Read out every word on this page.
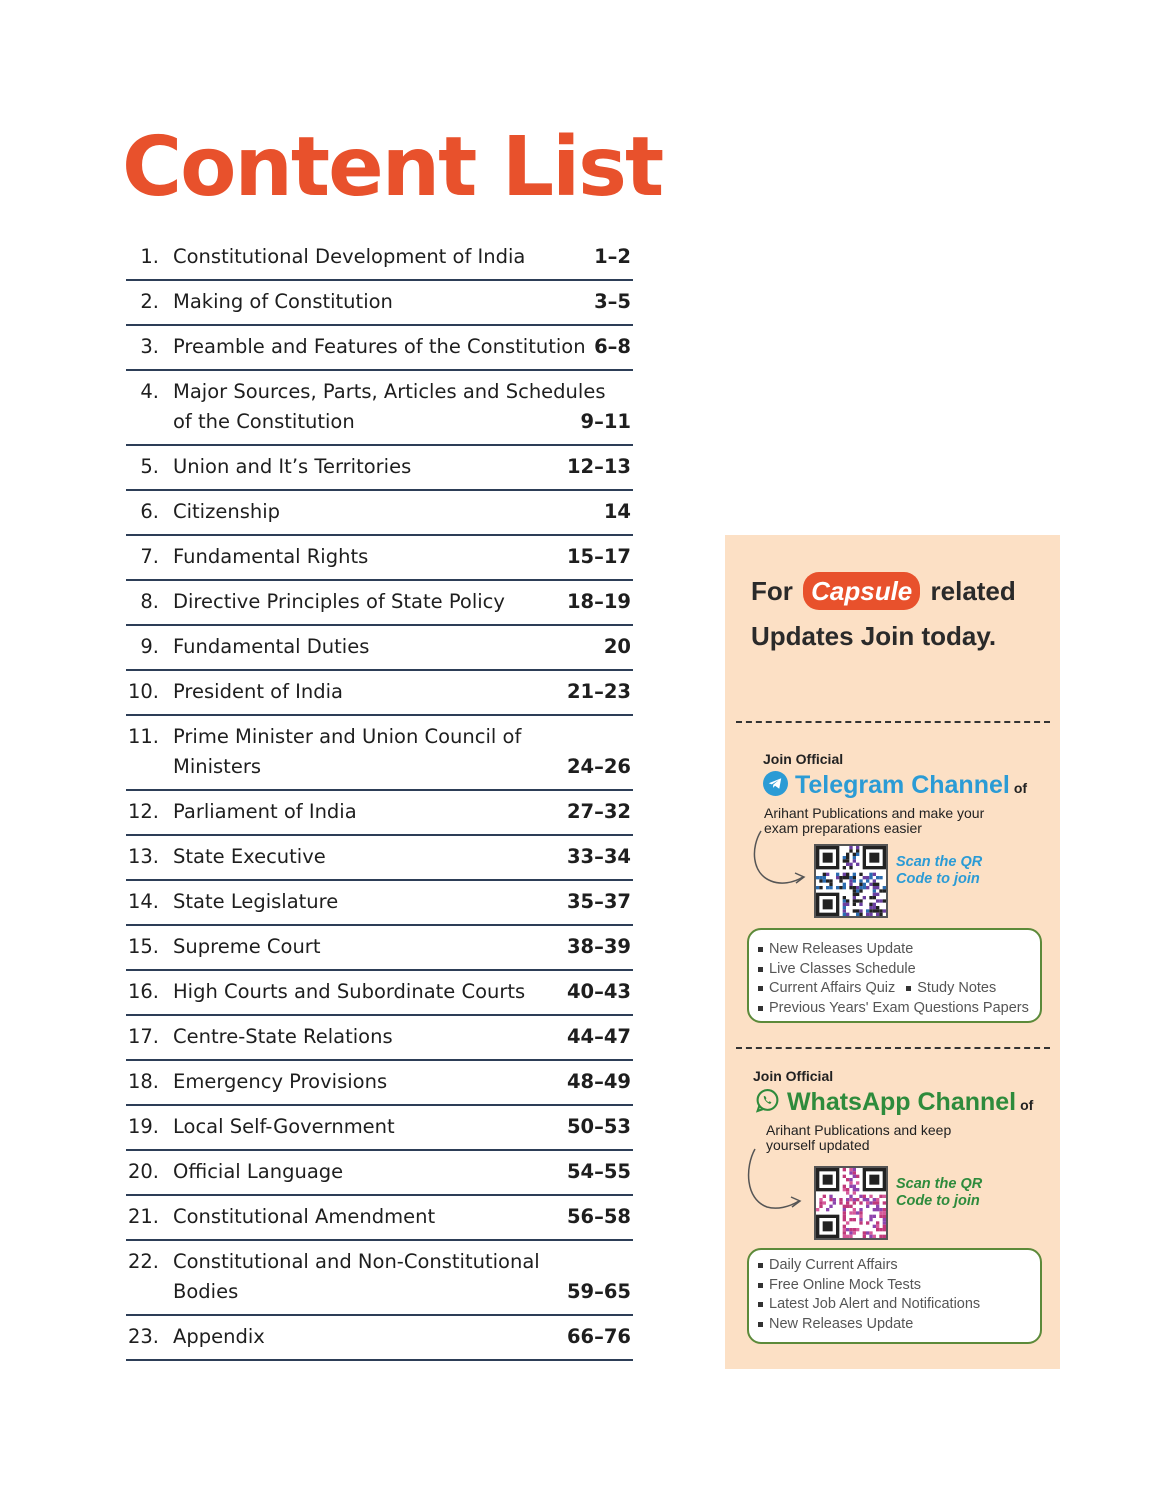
Content List
1. Constitutional Development of India	1–2
2. Making of Constitution	3–5
3. Preamble and Features of the Constitution 6–8
4. Major Sources, Parts, Articles and Schedules
of the Constitution	9–11
5. Union and It’s Territories	12–13
6. Citizenship	14
7. Fundamental Rights	15–17
8. Directive Principles of State Policy	18–19
9. Fundamental Duties	20
10. President of India	21–23
11. Prime Minister and Union Council of
Ministers	24–26
12. Parliament of India	27–32
13. State Executive	33–34
14. State Legislature	35–37
15. Supreme Court	38–39
16. High Courts and Subordinate Courts 40–43
17. Centre-State Relations	44–47
18. Emergency Provisions	48–49
19. Local Self-Government	50–53
20. Official Language	54–55
21. Constitutional Amendment	56–58
22. Constitutional and Non-Constitutional
Bodies	59–65
23. Appendix	66–76
For Capsule related
Updates Join today.
Join Official
Telegram Channel of
Arihant Publications and make your exam preparations easier
Scan the QR Code to join
New Releases Update
Live Classes Schedule
Current Affairs Quiz Study Notes
Previous Years' Exam Questions Papers
Join Official
WhatsApp Channel of
Arihant Publications and keep yourself updated
Scan the QR Code to join
Daily Current Affairs
Free Online Mock Tests
Latest Job Alert and Notifications
New Releases Update
